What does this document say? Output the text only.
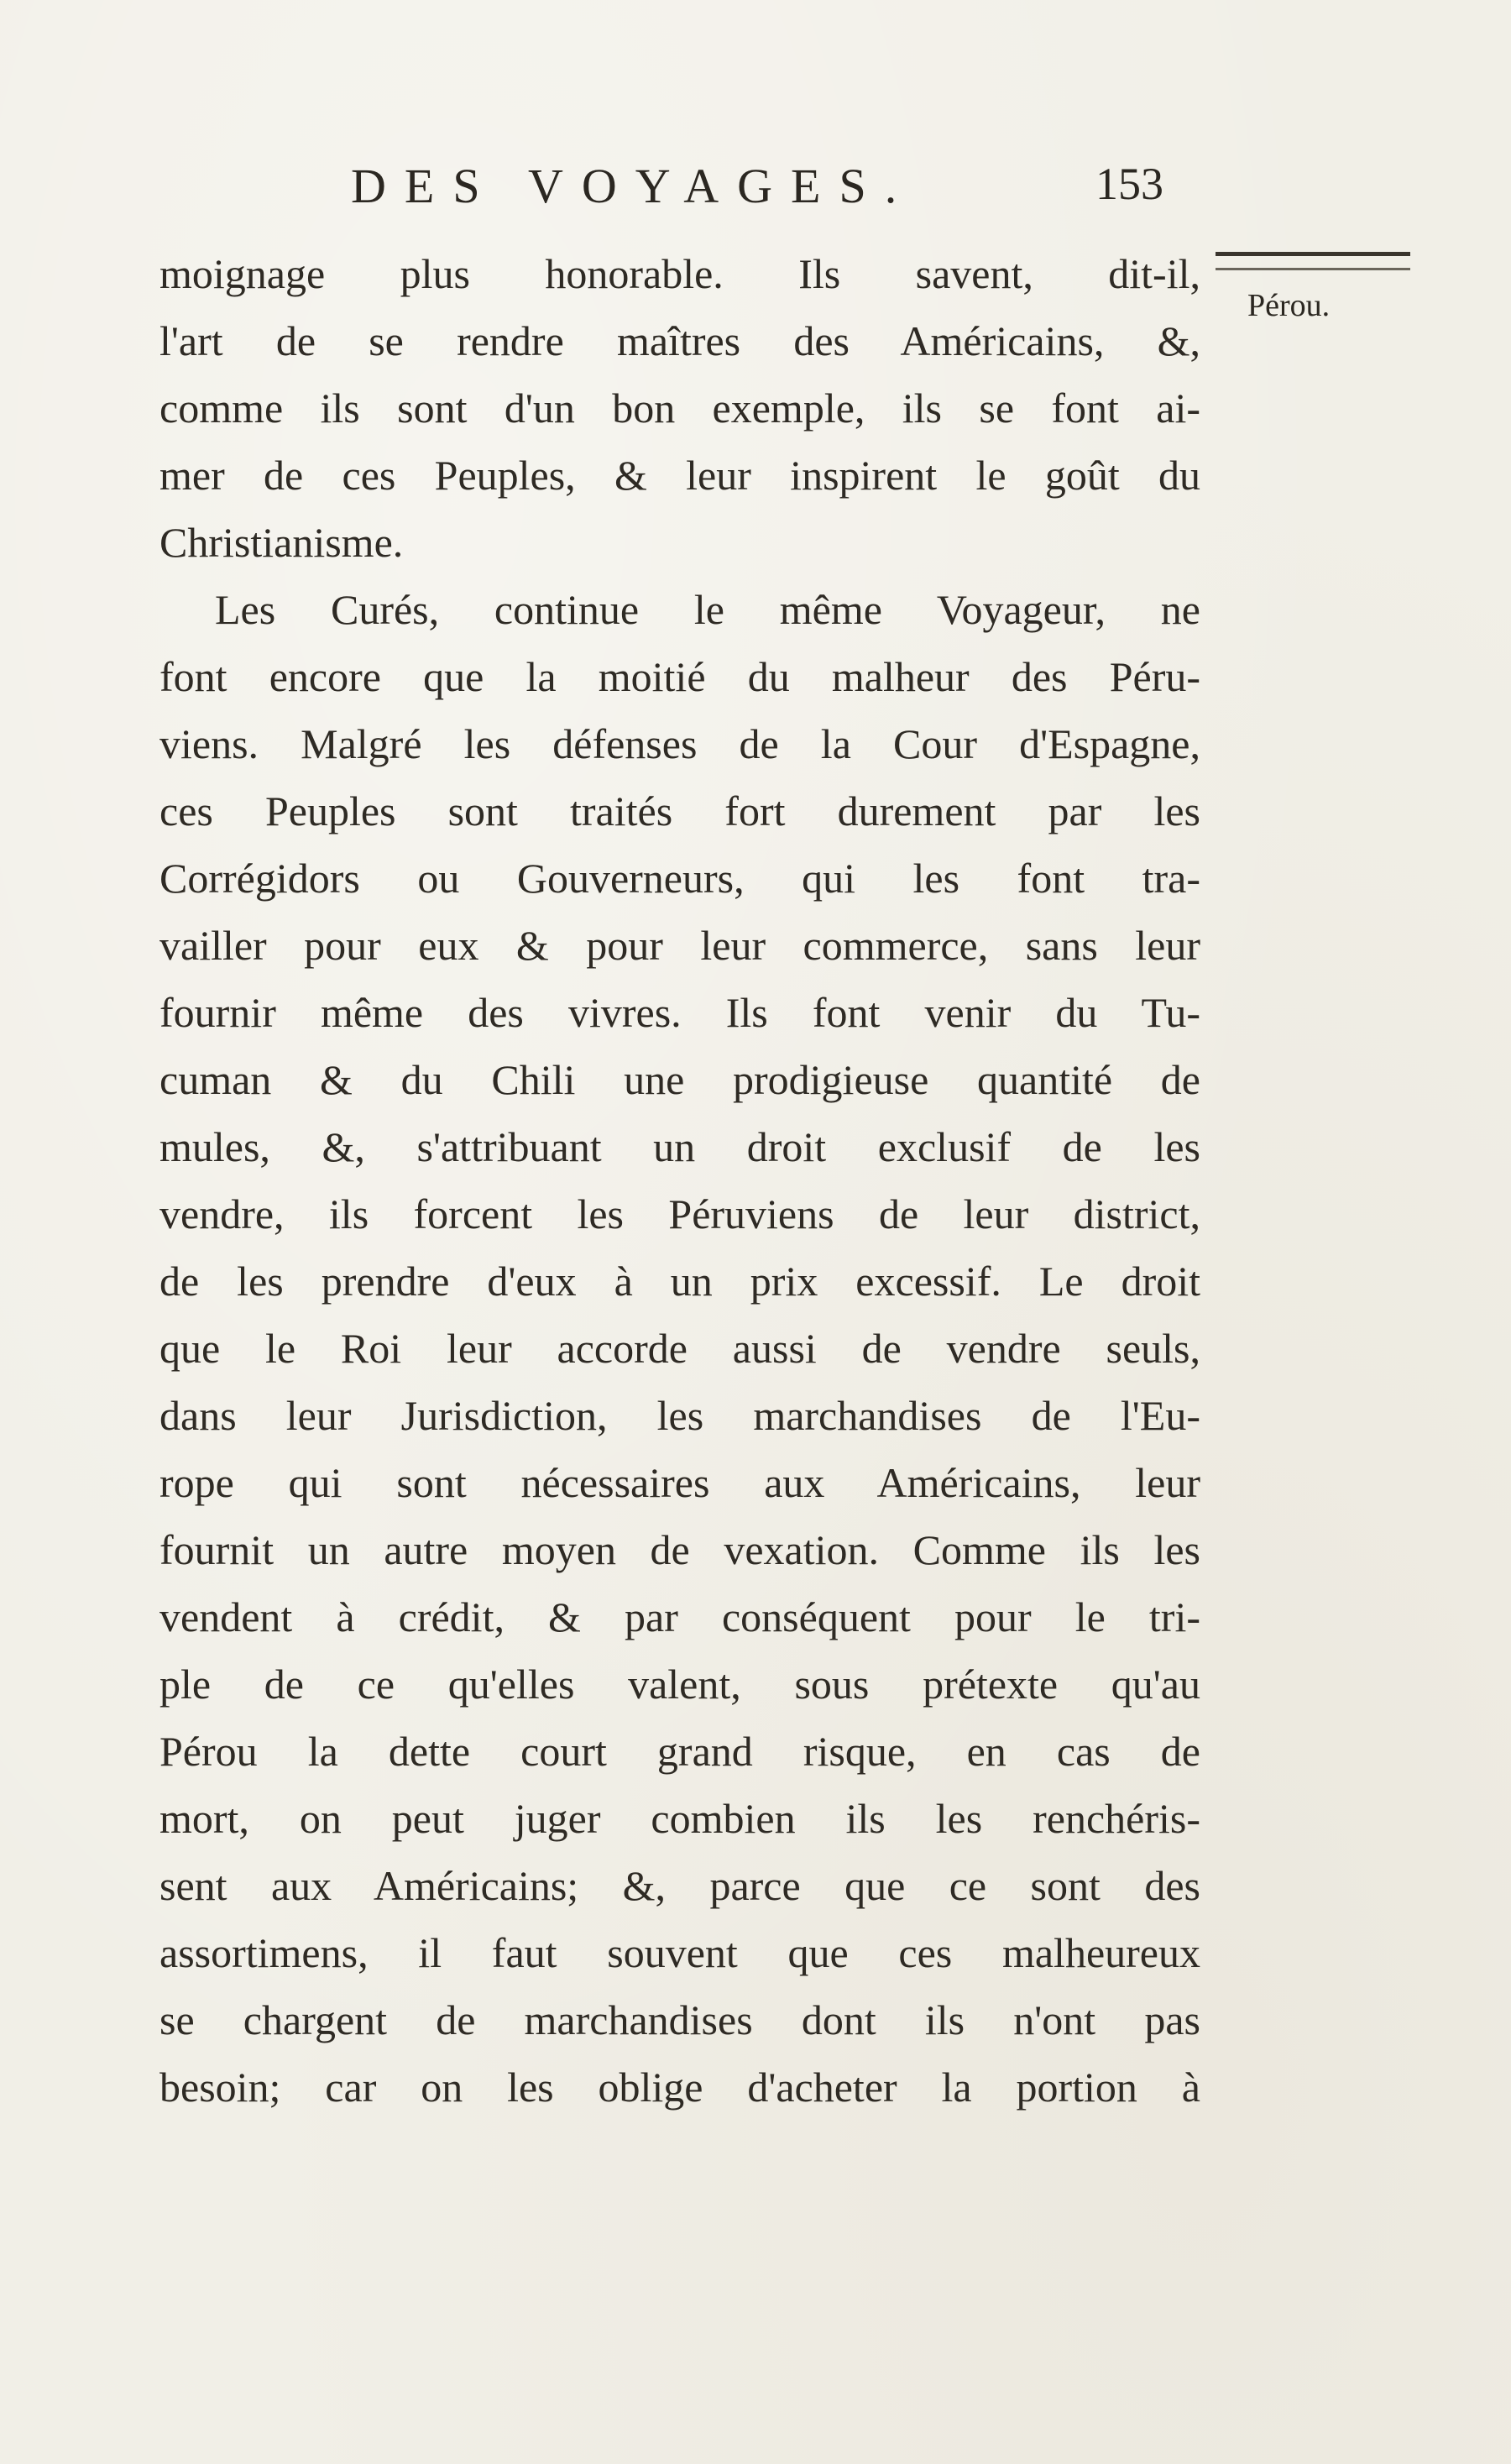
DES VOYAGES.	153
Pérou.
moignage plus honorable. Ils savent, dit-il,
l'art de se rendre maîtres des Américains, &,
comme ils sont d'un bon exemple, ils se font ai-
mer de ces Peuples, & leur inspirent le goût du
Christianisme.
Les Curés, continue le même Voyageur, ne
font encore que la moitié du malheur des Péru-
viens. Malgré les défenses de la Cour d'Espagne,
ces Peuples sont traités fort durement par les
Corrégidors ou Gouverneurs, qui les font tra-
vailler pour eux & pour leur commerce, sans leur
fournir même des vivres. Ils font venir du Tu-
cuman & du Chili une prodigieuse quantité de
mules, &, s'attribuant un droit exclusif de les
vendre, ils forcent les Péruviens de leur district,
de les prendre d'eux à un prix excessif. Le droit
que le Roi leur accorde aussi de vendre seuls,
dans leur Jurisdiction, les marchandises de l'Eu-
rope qui sont nécessaires aux Américains, leur
fournit un autre moyen de vexation. Comme ils les
vendent à crédit, & par conséquent pour le tri-
ple de ce qu'elles valent, sous prétexte qu'au
Pérou la dette court grand risque, en cas de
mort, on peut juger combien ils les renchéris-
sent aux Américains; &, parce que ce sont des
assortimens, il faut souvent que ces malheureux
se chargent de marchandises dont ils n'ont pas
besoin; car on les oblige d'acheter la portion à
